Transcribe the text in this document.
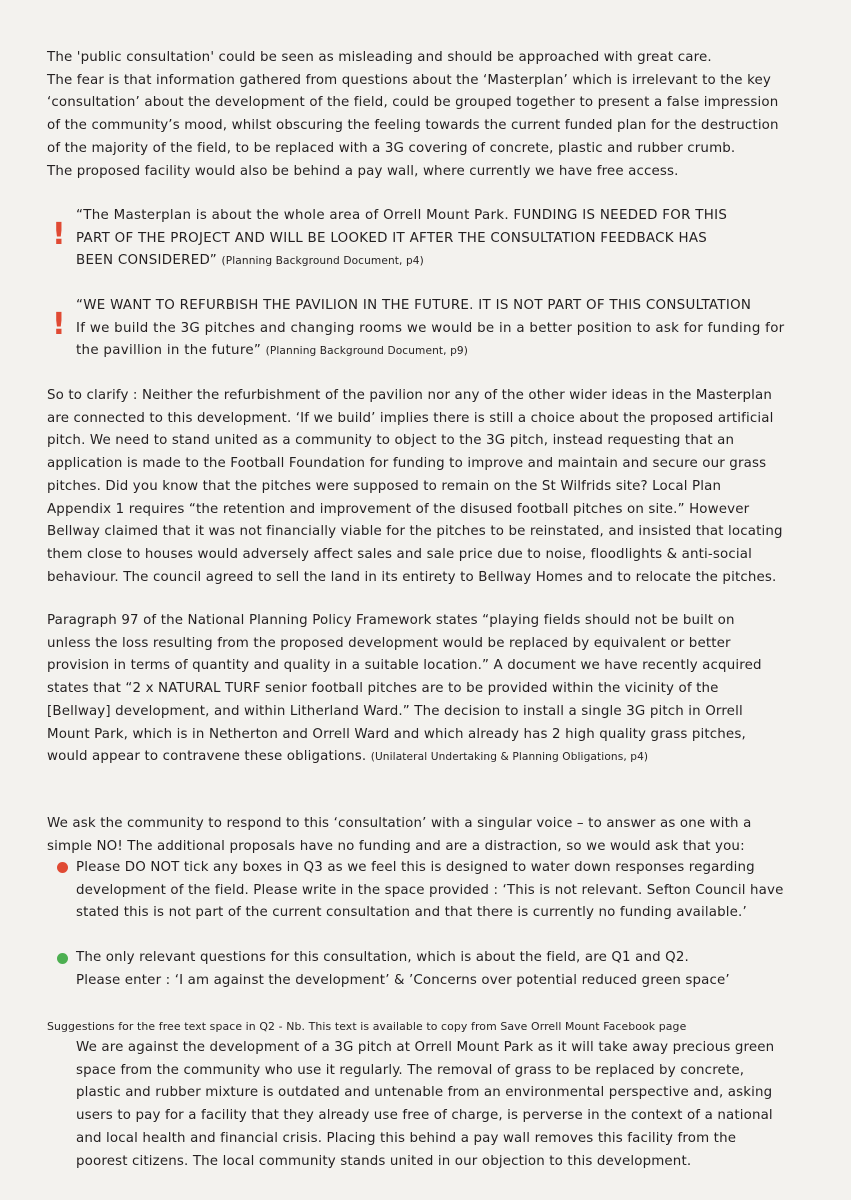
The 'public consultation' could be seen as misleading and should be approached with great care.
The fear is that information gathered from questions about the ‘Masterplan’ which is irrelevant to the key
‘consultation’ about the development of the field, could be grouped together to present a false impression
of the community’s mood, whilst obscuring the feeling towards the current funded plan for the destruction
of the majority of the field, to be replaced with a 3G covering of concrete, plastic and rubber crumb.
The proposed facility would also be behind a pay wall, where currently we have free access.
!
“The Masterplan is about the whole area of Orrell Mount Park. FUNDING IS NEEDED FOR THIS
PART OF THE PROJECT AND WILL BE LOOKED IT AFTER THE CONSULTATION FEEDBACK HAS
BEEN CONSIDERED” (Planning Background Document, p4)
!
“WE WANT TO REFURBISH THE PAVILION IN THE FUTURE. IT IS NOT PART OF THIS CONSULTATION
If we build the 3G pitches and changing rooms we would be in a better position to ask for funding for
the pavillion in the future” (Planning Background Document, p9)
So to clarify : Neither the refurbishment of the pavilion nor any of the other wider ideas in the Masterplan
are connected to this development. ‘If we build’ implies there is still a choice about the proposed artificial
pitch. We need to stand united as a community to object to the 3G pitch, instead requesting that an
application is made to the Football Foundation for funding to improve and maintain and secure our grass
pitches. Did you know that the pitches were supposed to remain on the St Wilfrids site? Local Plan
Appendix 1 requires “the retention and improvement of the disused football pitches on site.” However
Bellway claimed that it was not financially viable for the pitches to be reinstated, and insisted that locating
them close to houses would adversely affect sales and sale price due to noise, floodlights & anti-social
behaviour. The council agreed to sell the land in its entirety to Bellway Homes and to relocate the pitches.
Paragraph 97 of the National Planning Policy Framework states “playing fields should not be built on
unless the loss resulting from the proposed development would be replaced by equivalent or better
provision in terms of quantity and quality in a suitable location.” A document we have recently acquired
states that “2 x NATURAL TURF senior football pitches are to be provided within the vicinity of the
[Bellway] development, and within Litherland Ward.” The decision to install a single 3G pitch in Orrell
Mount Park, which is in Netherton and Orrell Ward and which already has 2 high quality grass pitches,
would appear to contravene these obligations. (Unilateral Undertaking & Planning Obligations, p4)
We ask the community to respond to this ‘consultation’ with a singular voice – to answer as one with a
simple NO! The additional proposals have no funding and are a distraction, so we would ask that you:
Please DO NOT tick any boxes in Q3 as we feel this is designed to water down responses regarding
development of the field. Please write in the space provided : ‘This is not relevant. Sefton Council have
stated this is not part of the current consultation and that there is currently no funding available.’
The only relevant questions for this consultation, which is about the field, are Q1 and Q2.
Please enter : ‘I am against the development’ & ’Concerns over potential reduced green space’
Suggestions for the free text space in Q2 - Nb. This text is available to copy from Save Orrell Mount Facebook page
We are against the development of a 3G pitch at Orrell Mount Park as it will take away precious green
space from the community who use it regularly. The removal of grass to be replaced by concrete,
plastic and rubber mixture is outdated and untenable from an environmental perspective and, asking
users to pay for a facility that they already use free of charge, is perverse in the context of a national
and local health and financial crisis. Placing this behind a pay wall removes this facility from the
poorest citizens. The local community stands united in our objection to this development.
